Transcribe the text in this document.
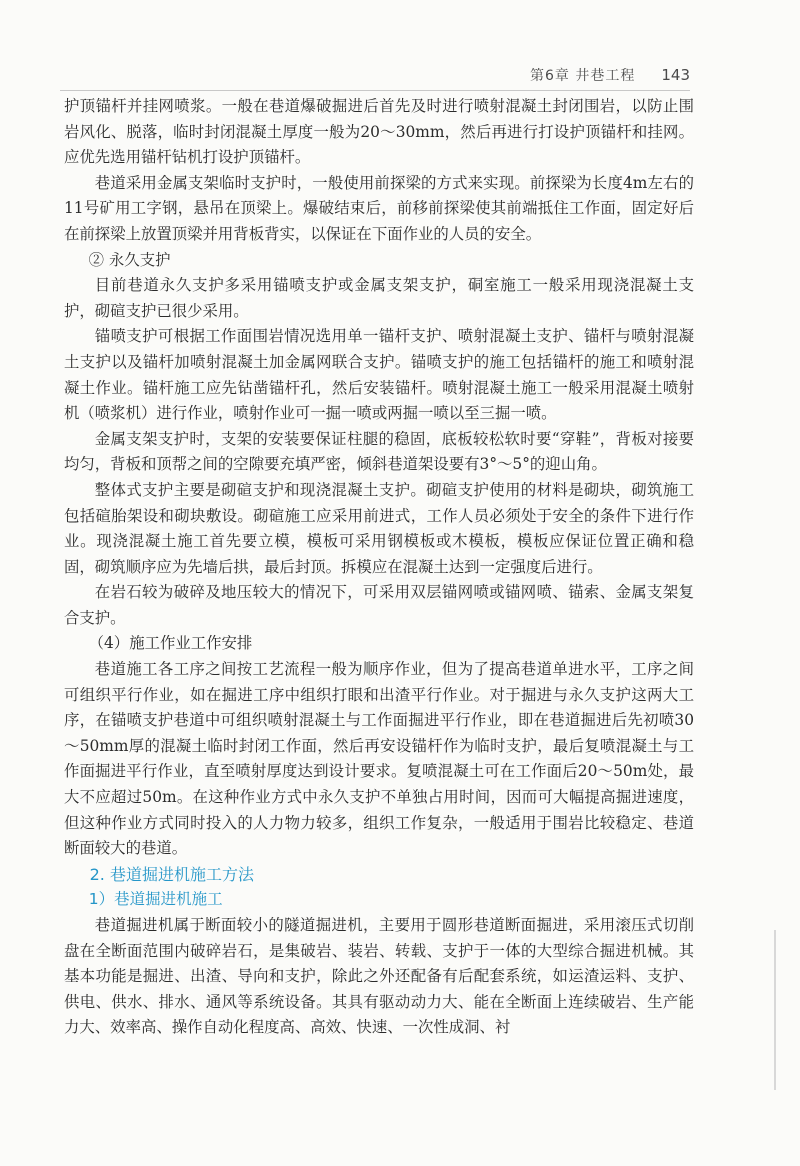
第6章 井巷工程 143

护顶锚杆并挂网喷浆。一般在巷道爆破掘进后首先及时进行喷射混凝土封闭围岩，以防止围岩风化、脱落，临时封闭混凝土厚度一般为20～30mm，然后再进行打设护顶锚杆和挂网。应优先选用锚杆钻机打设护顶锚杆。

巷道采用金属支架临时支护时，一般使用前探梁的方式来实现。前探梁为长度4m左右的11号矿用工字钢，悬吊在顶梁上。爆破结束后，前移前探梁使其前端抵住工作面，固定好后在前探梁上放置顶梁并用背板背实，以保证在下面作业的人员的安全。

② 永久支护

目前巷道永久支护多采用锚喷支护或金属支架支护，硐室施工一般采用现浇混凝土支护，砌碹支护已很少采用。

锚喷支护可根据工作面围岩情况选用单一锚杆支护、喷射混凝土支护、锚杆与喷射混凝土支护以及锚杆加喷射混凝土加金属网联合支护。锚喷支护的施工包括锚杆的施工和喷射混凝土作业。锚杆施工应先钻凿锚杆孔，然后安装锚杆。喷射混凝土施工一般采用混凝土喷射机（喷浆机）进行作业，喷射作业可一掘一喷或两掘一喷以至三掘一喷。

金属支架支护时，支架的安装要保证柱腿的稳固，底板较松软时要“穿鞋”，背板对接要均匀，背板和顶帮之间的空隙要充填严密，倾斜巷道架设要有3°～5°的迎山角。

整体式支护主要是砌碹支护和现浇混凝土支护。砌碹支护使用的材料是砌块，砌筑施工包括碹胎架设和砌块敷设。砌碹施工应采用前进式，工作人员必须处于安全的条件下进行作业。现浇混凝土施工首先要立模，模板可采用钢模板或木模板，模板应保证位置正确和稳固，砌筑顺序应为先墙后拱，最后封顶。拆模应在混凝土达到一定强度后进行。

在岩石较为破碎及地压较大的情况下，可采用双层锚网喷或锚网喷、锚索、金属支架复合支护。

（4）施工作业工作安排

巷道施工各工序之间按工艺流程一般为顺序作业，但为了提高巷道单进水平，工序之间可组织平行作业，如在掘进工序中组织打眼和出渣平行作业。对于掘进与永久支护这两大工序，在锚喷支护巷道中可组织喷射混凝土与工作面掘进平行作业，即在巷道掘进后先初喷30～50mm厚的混凝土临时封闭工作面，然后再安设锚杆作为临时支护，最后复喷混凝土与工作面掘进平行作业，直至喷射厚度达到设计要求。复喷混凝土可在工作面后20～50m处，最大不应超过50m。在这种作业方式中永久支护不单独占用时间，因而可大幅提高掘进速度，但这种作业方式同时投入的人力物力较多，组织工作复杂，一般适用于围岩比较稳定、巷道断面较大的巷道。

2. 巷道掘进机施工方法

1）巷道掘进机施工

巷道掘进机属于断面较小的隧道掘进机，主要用于圆形巷道断面掘进，采用滚压式切削盘在全断面范围内破碎岩石，是集破岩、装岩、转载、支护于一体的大型综合掘进机械。其基本功能是掘进、出渣、导向和支护，除此之外还配备有后配套系统，如运渣运料、支护、供电、供水、排水、通风等系统设备。其具有驱动动力大、能在全断面上连续破岩、生产能力大、效率高、操作自动化程度高、高效、快速、一次性成洞、衬
